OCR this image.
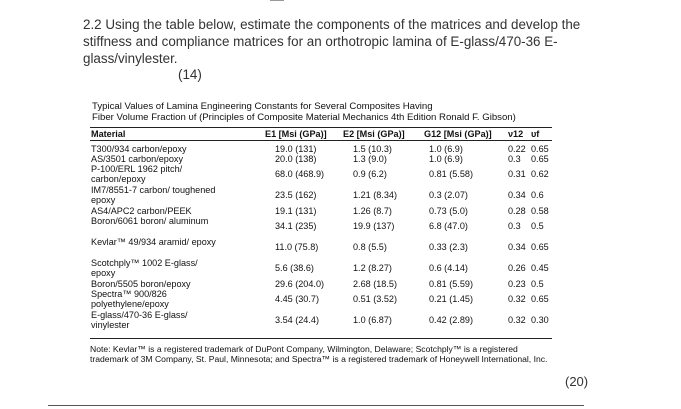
2.2 Using the table below, estimate the components of the matrices and develop the stiffness and compliance matrices for an orthotropic lamina of E-glass/470-36 E-glass/vinylester.
(14)
Typical Values of Lamina Engineering Constants for Several Composites Having
Fiber Volume Fraction υf (Principles of Composite Material Mechanics 4th Edition Ronald F. Gibson)
Material	E1 [Msi (GPa)] E2 [Msi (GPa)] G12 [Msi (GPa)] ν12 υf
T300/934 carbon/epoxy	19.0 (131)	1.5 (10.3)	1.0 (6.9)	0.22 0.65
AS/3501 carbon/epoxy	20.0 (138)	1.3 (9.0)	1.0 (6.9)	0.3 0.65
P-100/ERL 1962 pitch/ carbon/epoxy	68.0 (468.9)	0.9 (6.2)	0.81 (5.58)	0.31 0.62
IM7/8551-7 carbon/ toughened epoxy	23.5 (162)	1.21 (8.34)	0.3 (2.07)	0.34 0.6
AS4/APC2 carbon/PEEK	19.1 (131)	1.26 (8.7)	0.73 (5.0)	0.28 0.58
Boron/6061 boron/ aluminum	34.1 (235)	19.9 (137)	6.8 (47.0)	0.3 0.5
Kevlar™ 49/934 aramid/ epoxy	11.0 (75.8)	0.8 (5.5)	0.33 (2.3)	0.34 0.65
Scotchply™ 1002 E-glass/ epoxy	5.6 (38.6)	1.2 (8.27)	0.6 (4.14)	0.26 0.45
Boron/5505 boron/epoxy	29.6 (204.0)	2.68 (18.5)	0.81 (5.59)	0.23 0.5
Spectra™ 900/826 polyethylene/epoxy	4.45 (30.7)	0.51 (3.52)	0.21 (1.45)	0.32 0.65
E-glass/470-36 E-glass/ vinylester	3.54 (24.4)	1.0 (6.87)	0.42 (2.89)	0.32 0.30
Note: Kevlar™ is a registered trademark of DuPont Company, Wilmington, Delaware; Scotchply™ is a registered trademark of 3M Company, St. Paul, Minnesota; and Spectra™ is a registered trademark of Honeywell International, Inc.
(20)
